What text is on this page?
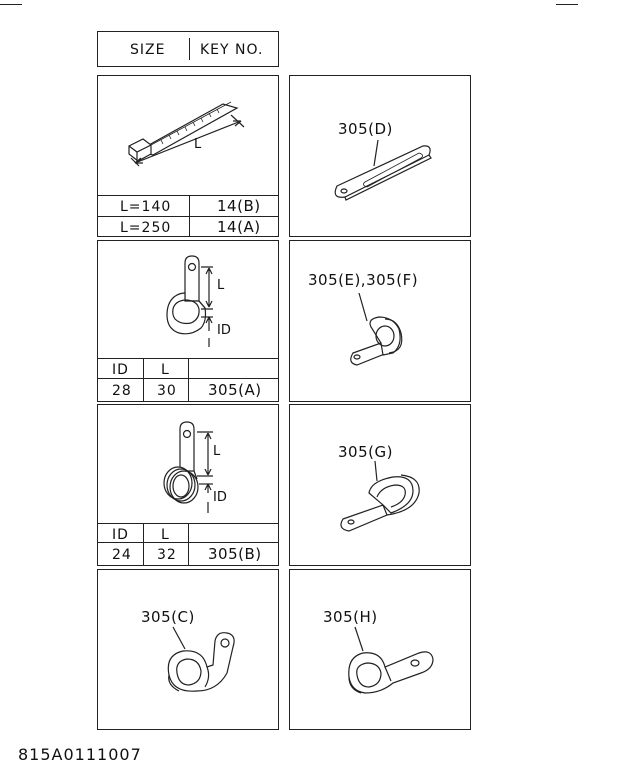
SIZE KEY NO.
L
L=140	14(B)
L=250	14(A)
305(D)
L
ID
ID L
28 30 305(A)
305(E),305(F)
L
ID
ID L
24 32 305(B)
305(G)
305(C)	305(H)
815A0111007
